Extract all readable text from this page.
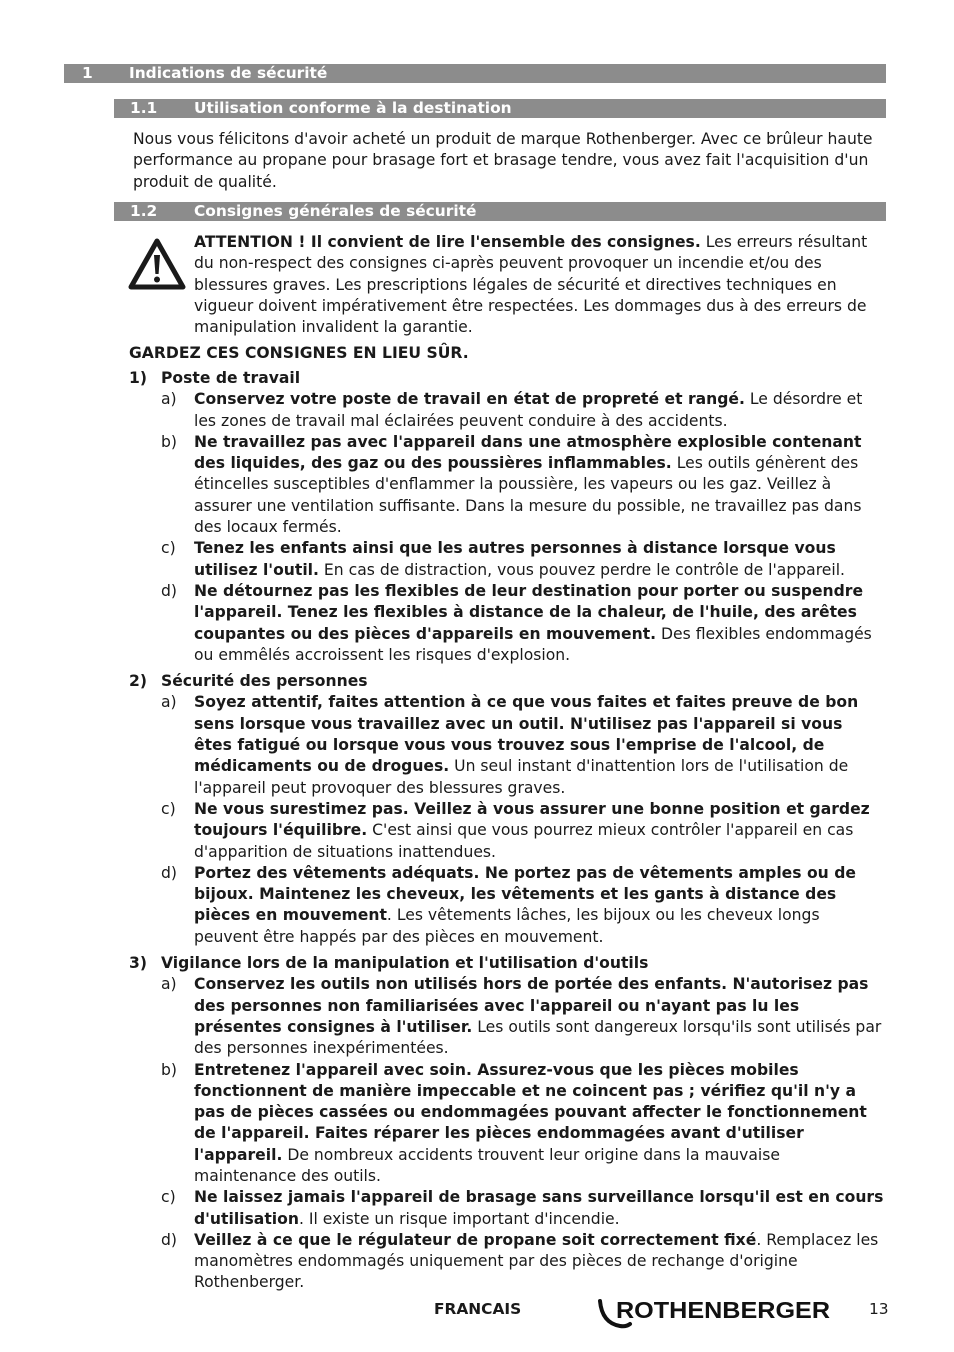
1 Indications de sécurité
1.1 Utilisation conforme à la destination

Nous vous félicitons d'avoir acheté un produit de marque Rothenberger. Avec ce brûleur haute performance au propane pour brasage fort et brasage tendre, vous avez fait l'acquisition d'un produit de qualité.

1.2 Consignes générales de sécurité

ATTENTION ! Il convient de lire l'ensemble des consignes. Les erreurs résultant du non-respect des consignes ci-après peuvent provoquer un incendie et/ou des blessures graves. Les prescriptions légales de sécurité et directives techniques en vigueur doivent impérativement être respectées. Les dommages dus à des erreurs de manipulation invalident la garantie.

GARDEZ CES CONSIGNES EN LIEU SÛR.

1) Poste de travail
a) Conservez votre poste de travail en état de propreté et rangé. Le désordre et les zones de travail mal éclairées peuvent conduire à des accidents.
b) Ne travaillez pas avec l'appareil dans une atmosphère explosible contenant des liquides, des gaz ou des poussières inflammables. Les outils génèrent des étincelles susceptibles d'enflammer la poussière, les vapeurs ou les gaz. Veillez à assurer une ventilation suffisante. Dans la mesure du possible, ne travaillez pas dans des locaux fermés.
c) Tenez les enfants ainsi que les autres personnes à distance lorsque vous utilisez l'outil. En cas de distraction, vous pouvez perdre le contrôle de l'appareil.
d) Ne détournez pas les flexibles de leur destination pour porter ou suspendre l'appareil. Tenez les flexibles à distance de la chaleur, de l'huile, des arêtes coupantes ou des pièces d'appareils en mouvement. Des flexibles endommagés ou emmêlés accroissent les risques d'explosion.
2) Sécurité des personnes
a) Soyez attentif, faites attention à ce que vous faites et faites preuve de bon sens lorsque vous travaillez avec un outil. N'utilisez pas l'appareil si vous êtes fatigué ou lorsque vous vous trouvez sous l'emprise de l'alcool, de médicaments ou de drogues. Un seul instant d'inattention lors de l'utilisation de l'appareil peut provoquer des blessures graves.
c) Ne vous surestimez pas. Veillez à vous assurer une bonne position et gardez toujours l'équilibre. C'est ainsi que vous pourrez mieux contrôler l'appareil en cas d'apparition de situations inattendues.
d) Portez des vêtements adéquats. Ne portez pas de vêtements amples ou de bijoux. Maintenez les cheveux, les vêtements et les gants à distance des pièces en mouvement. Les vêtements lâches, les bijoux ou les cheveux longs peuvent être happés par des pièces en mouvement.
3) Vigilance lors de la manipulation et l'utilisation d'outils
a) Conservez les outils non utilisés hors de portée des enfants. N'autorisez pas des personnes non familiarisées avec l'appareil ou n'ayant pas lu les présentes consignes à l'utiliser. Les outils sont dangereux lorsqu'ils sont utilisés par des personnes inexpérimentées.
b) Entretenez l'appareil avec soin. Assurez-vous que les pièces mobiles fonctionnent de manière impeccable et ne coincent pas ; vérifiez qu'il n'y a pas de pièces cassées ou endommagées pouvant affecter le fonctionnement de l'appareil. Faites réparer les pièces endommagées avant d'utiliser l'appareil. De nombreux accidents trouvent leur origine dans la mauvaise maintenance des outils.
c) Ne laissez jamais l'appareil de brasage sans surveillance lorsqu'il est en cours d'utilisation. Il existe un risque important d'incendie.
d) Veillez à ce que le régulateur de propane soit correctement fixé. Remplacez les manomètres endommagés uniquement par des pièces de rechange d'origine Rothenberger.
FRANCAIS	ROTHENBERGER	13
